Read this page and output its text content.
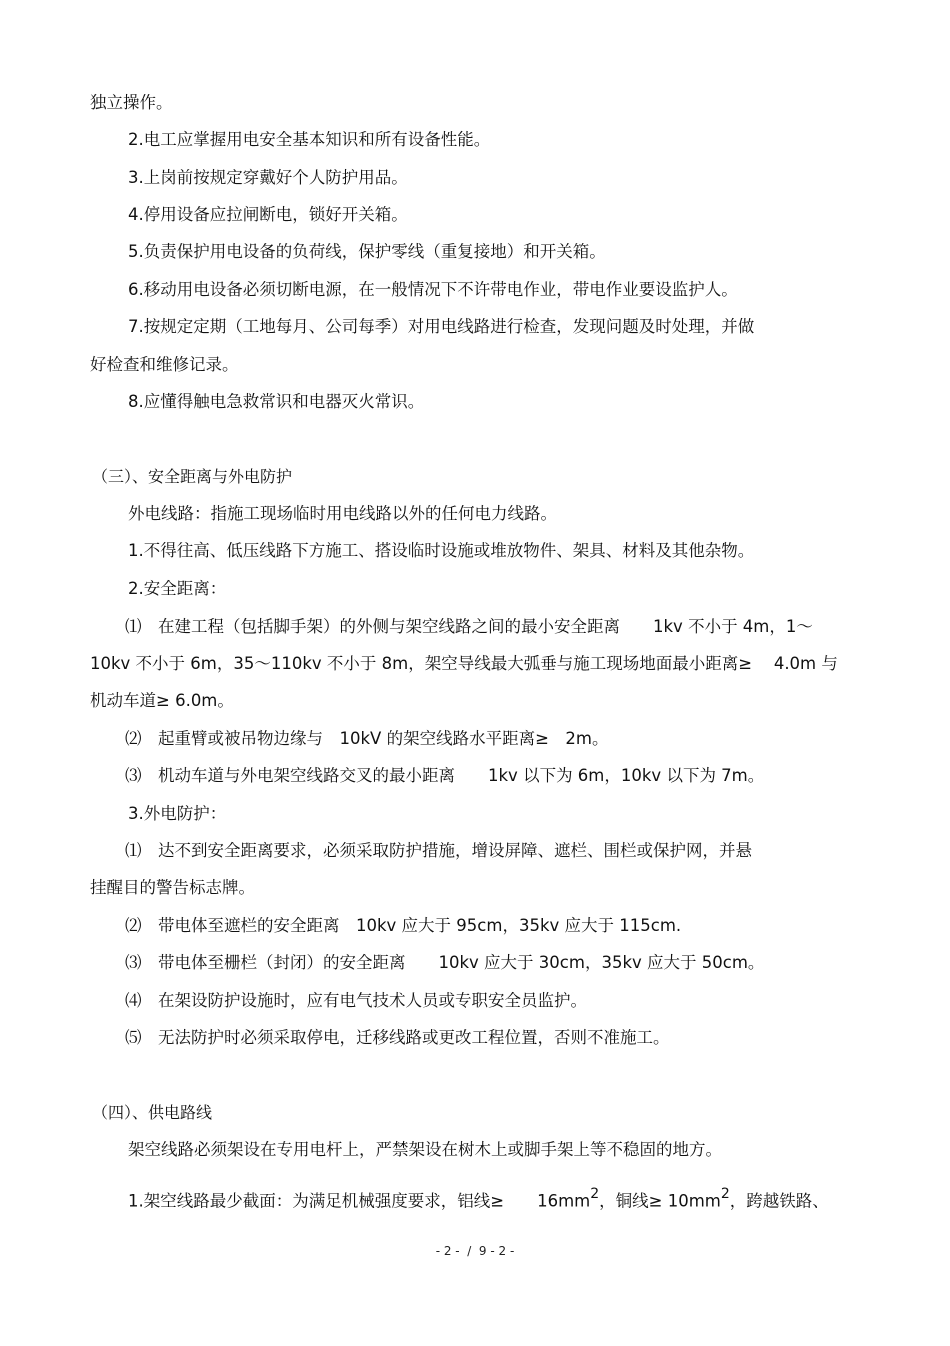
独立操作。
2.电工应掌握用电安全基本知识和所有设备性能。
3.上岗前按规定穿戴好个人防护用品。
4.停用设备应拉闸断电，锁好开关箱。
5.负责保护用电设备的负荷线，保护零线（重复接地）和开关箱。
6.移动用电设备必须切断电源，在一般情况下不许带电作业，带电作业要设监护人。
7.按规定定期（工地每月、公司每季）对用电线路进行检查，发现问题及时处理，并做
好检查和维修记录。
8.应懂得触电急救常识和电器灭火常识。
（三）、安全距离与外电防护
外电线路：指施工现场临时用电线路以外的任何电力线路。
1.不得往高、低压线路下方施工、搭设临时设施或堆放物件、架具、材料及其他杂物。
2.安全距离：
⑴　在建工程（包括脚手架）的外侧与架空线路之间的最小安全距离　　1kv 不小于 4m，1～
10kv 不小于 6m，35～110kv 不小于 8m，架空导线最大弧垂与施工现场地面最小距离≥　 4.0m 与
机动车道≥ 6.0m。
⑵　起重臂或被吊物边缘与　10kV 的架空线路水平距离≥　2m。
⑶　机动车道与外电架空线路交叉的最小距离　　1kv 以下为 6m，10kv 以下为 7m。
3.外电防护：
⑴　达不到安全距离要求，必须采取防护措施，增设屏障、遮栏、围栏或保护网，并悬
挂醒目的警告标志牌。
⑵　带电体至遮栏的安全距离　10kv 应大于 95cm，35kv 应大于 115cm.
⑶　带电体至栅栏（封闭）的安全距离　　10kv 应大于 30cm，35kv 应大于 50cm。
⑷　在架设防护设施时，应有电气技术人员或专职安全员监护。
⑸　无法防护时必须采取停电，迁移线路或更改工程位置，否则不准施工。
（四）、供电路线
架空线路必须架设在专用电杆上，严禁架设在树木上或脚手架上等不稳固的地方。
1.架空线路最少截面：为满足机械强度要求，铝线≥　　$16mm^2$，铜线≥ $10mm^2$，跨越铁路、
- 2 -  /  9 - 2 -
